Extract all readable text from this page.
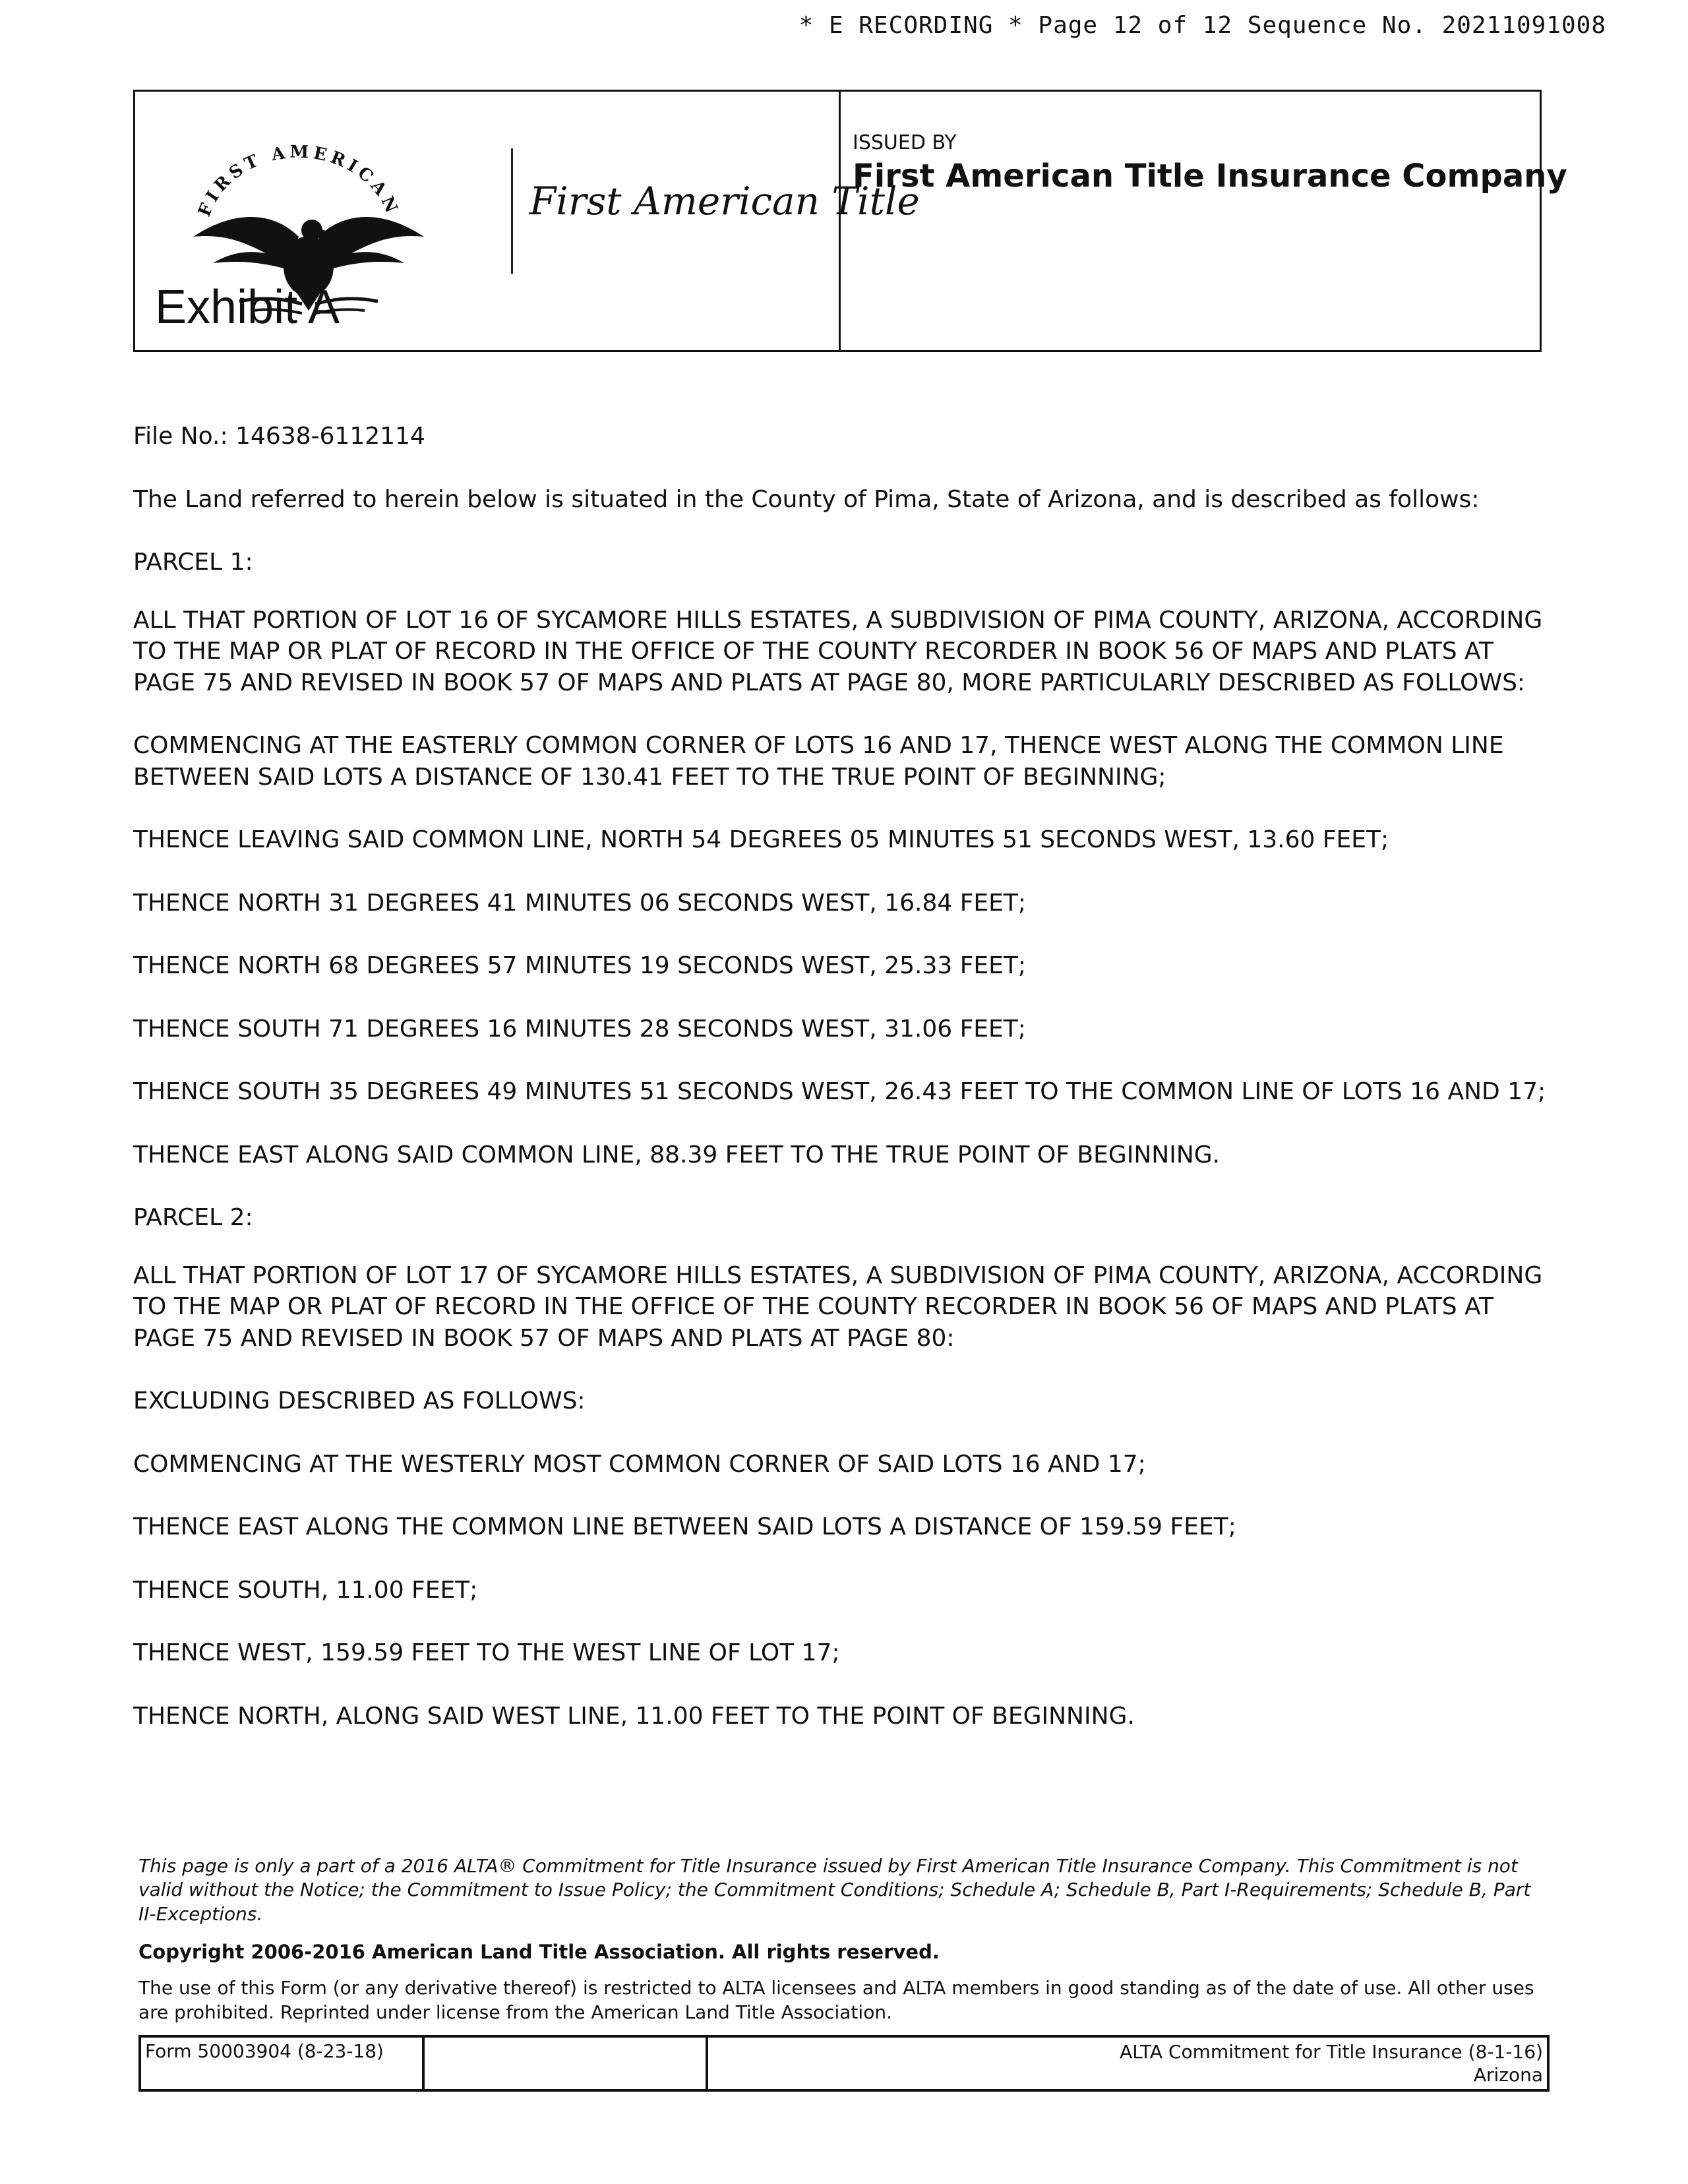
* E RECORDING * Page 12 of 12 Sequence No. 20211091008
FIRST AMERICAN	First American Title
Exhibit A
ISSUED BY
First American Title Insurance Company

File No.: 14638-6112114

The Land referred to herein below is situated in the County of Pima, State of Arizona, and is described as follows:

PARCEL 1:

ALL THAT PORTION OF LOT 16 OF SYCAMORE HILLS ESTATES, A SUBDIVISION OF PIMA COUNTY, ARIZONA, ACCORDING TO THE MAP OR PLAT OF RECORD IN THE OFFICE OF THE COUNTY RECORDER IN BOOK 56 OF MAPS AND PLATS AT PAGE 75 AND REVISED IN BOOK 57 OF MAPS AND PLATS AT PAGE 80, MORE PARTICULARLY DESCRIBED AS FOLLOWS:

COMMENCING AT THE EASTERLY COMMON CORNER OF LOTS 16 AND 17, THENCE WEST ALONG THE COMMON LINE BETWEEN SAID LOTS A DISTANCE OF 130.41 FEET TO THE TRUE POINT OF BEGINNING;

THENCE LEAVING SAID COMMON LINE, NORTH 54 DEGREES 05 MINUTES 51 SECONDS WEST, 13.60 FEET;

THENCE NORTH 31 DEGREES 41 MINUTES 06 SECONDS WEST, 16.84 FEET;

THENCE NORTH 68 DEGREES 57 MINUTES 19 SECONDS WEST, 25.33 FEET;

THENCE SOUTH 71 DEGREES 16 MINUTES 28 SECONDS WEST, 31.06 FEET;

THENCE SOUTH 35 DEGREES 49 MINUTES 51 SECONDS WEST, 26.43 FEET TO THE COMMON LINE OF LOTS 16 AND 17;

THENCE EAST ALONG SAID COMMON LINE, 88.39 FEET TO THE TRUE POINT OF BEGINNING.

PARCEL 2:

ALL THAT PORTION OF LOT 17 OF SYCAMORE HILLS ESTATES, A SUBDIVISION OF PIMA COUNTY, ARIZONA, ACCORDING TO THE MAP OR PLAT OF RECORD IN THE OFFICE OF THE COUNTY RECORDER IN BOOK 56 OF MAPS AND PLATS AT PAGE 75 AND REVISED IN BOOK 57 OF MAPS AND PLATS AT PAGE 80:

EXCLUDING DESCRIBED AS FOLLOWS:

COMMENCING AT THE WESTERLY MOST COMMON CORNER OF SAID LOTS 16 AND 17;

THENCE EAST ALONG THE COMMON LINE BETWEEN SAID LOTS A DISTANCE OF 159.59 FEET;

THENCE SOUTH, 11.00 FEET;

THENCE WEST, 159.59 FEET TO THE WEST LINE OF LOT 17;

THENCE NORTH, ALONG SAID WEST LINE, 11.00 FEET TO THE POINT OF BEGINNING.

This page is only a part of a 2016 ALTA® Commitment for Title Insurance issued by First American Title Insurance Company. This Commitment is not valid without the Notice; the Commitment to Issue Policy; the Commitment Conditions; Schedule A; Schedule B, Part I-Requirements; Schedule B, Part II-Exceptions.

Copyright 2006-2016 American Land Title Association. All rights reserved.

The use of this Form (or any derivative thereof) is restricted to ALTA licensees and ALTA members in good standing as of the date of use. All other uses are prohibited. Reprinted under license from the American Land Title Association.

Form 50003904 (8-23-18)	ALTA Commitment for Title Insurance (8-1-16)
Arizona
